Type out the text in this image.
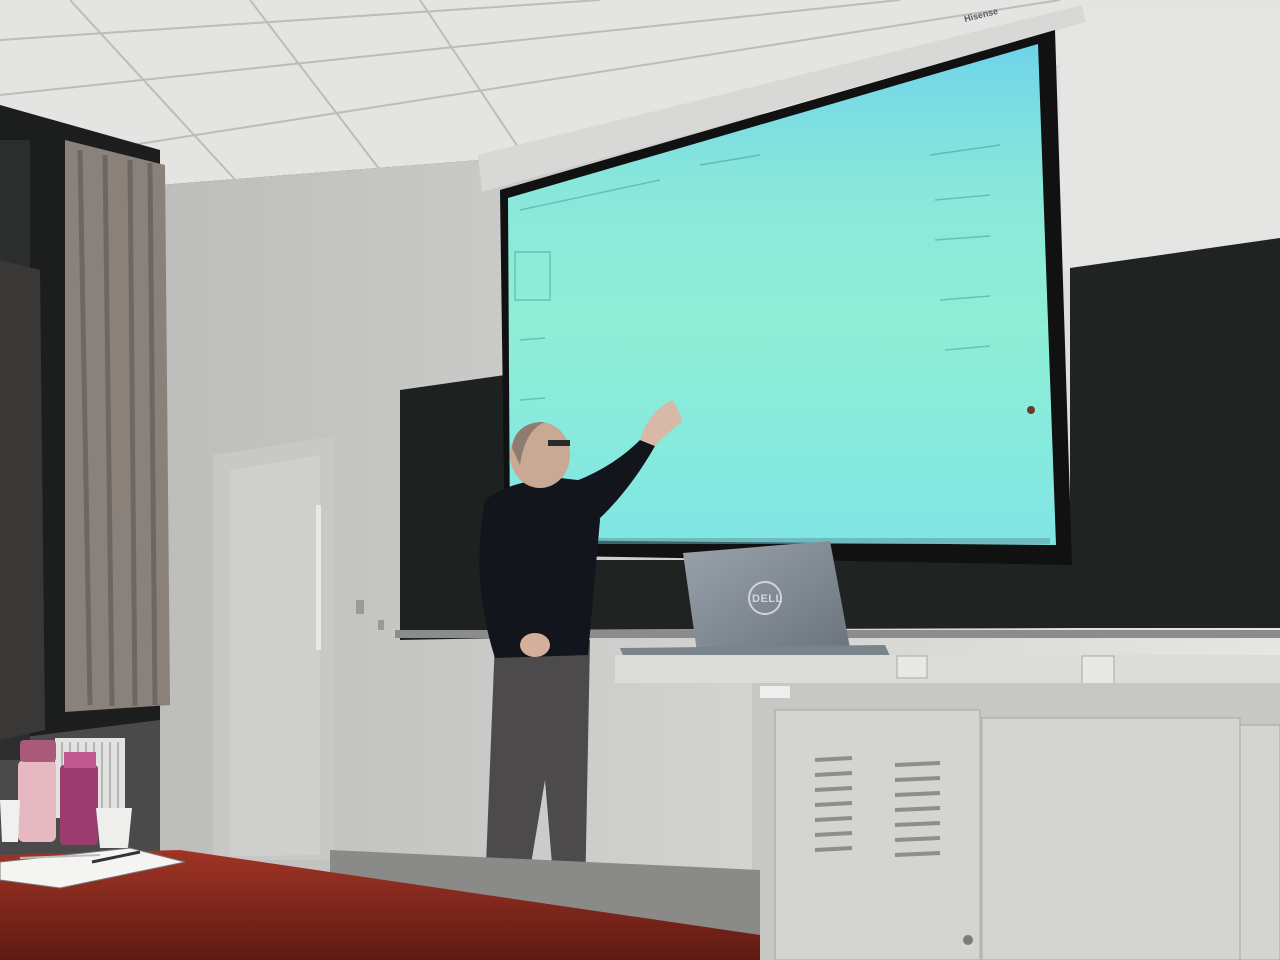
Hisense
DELL
